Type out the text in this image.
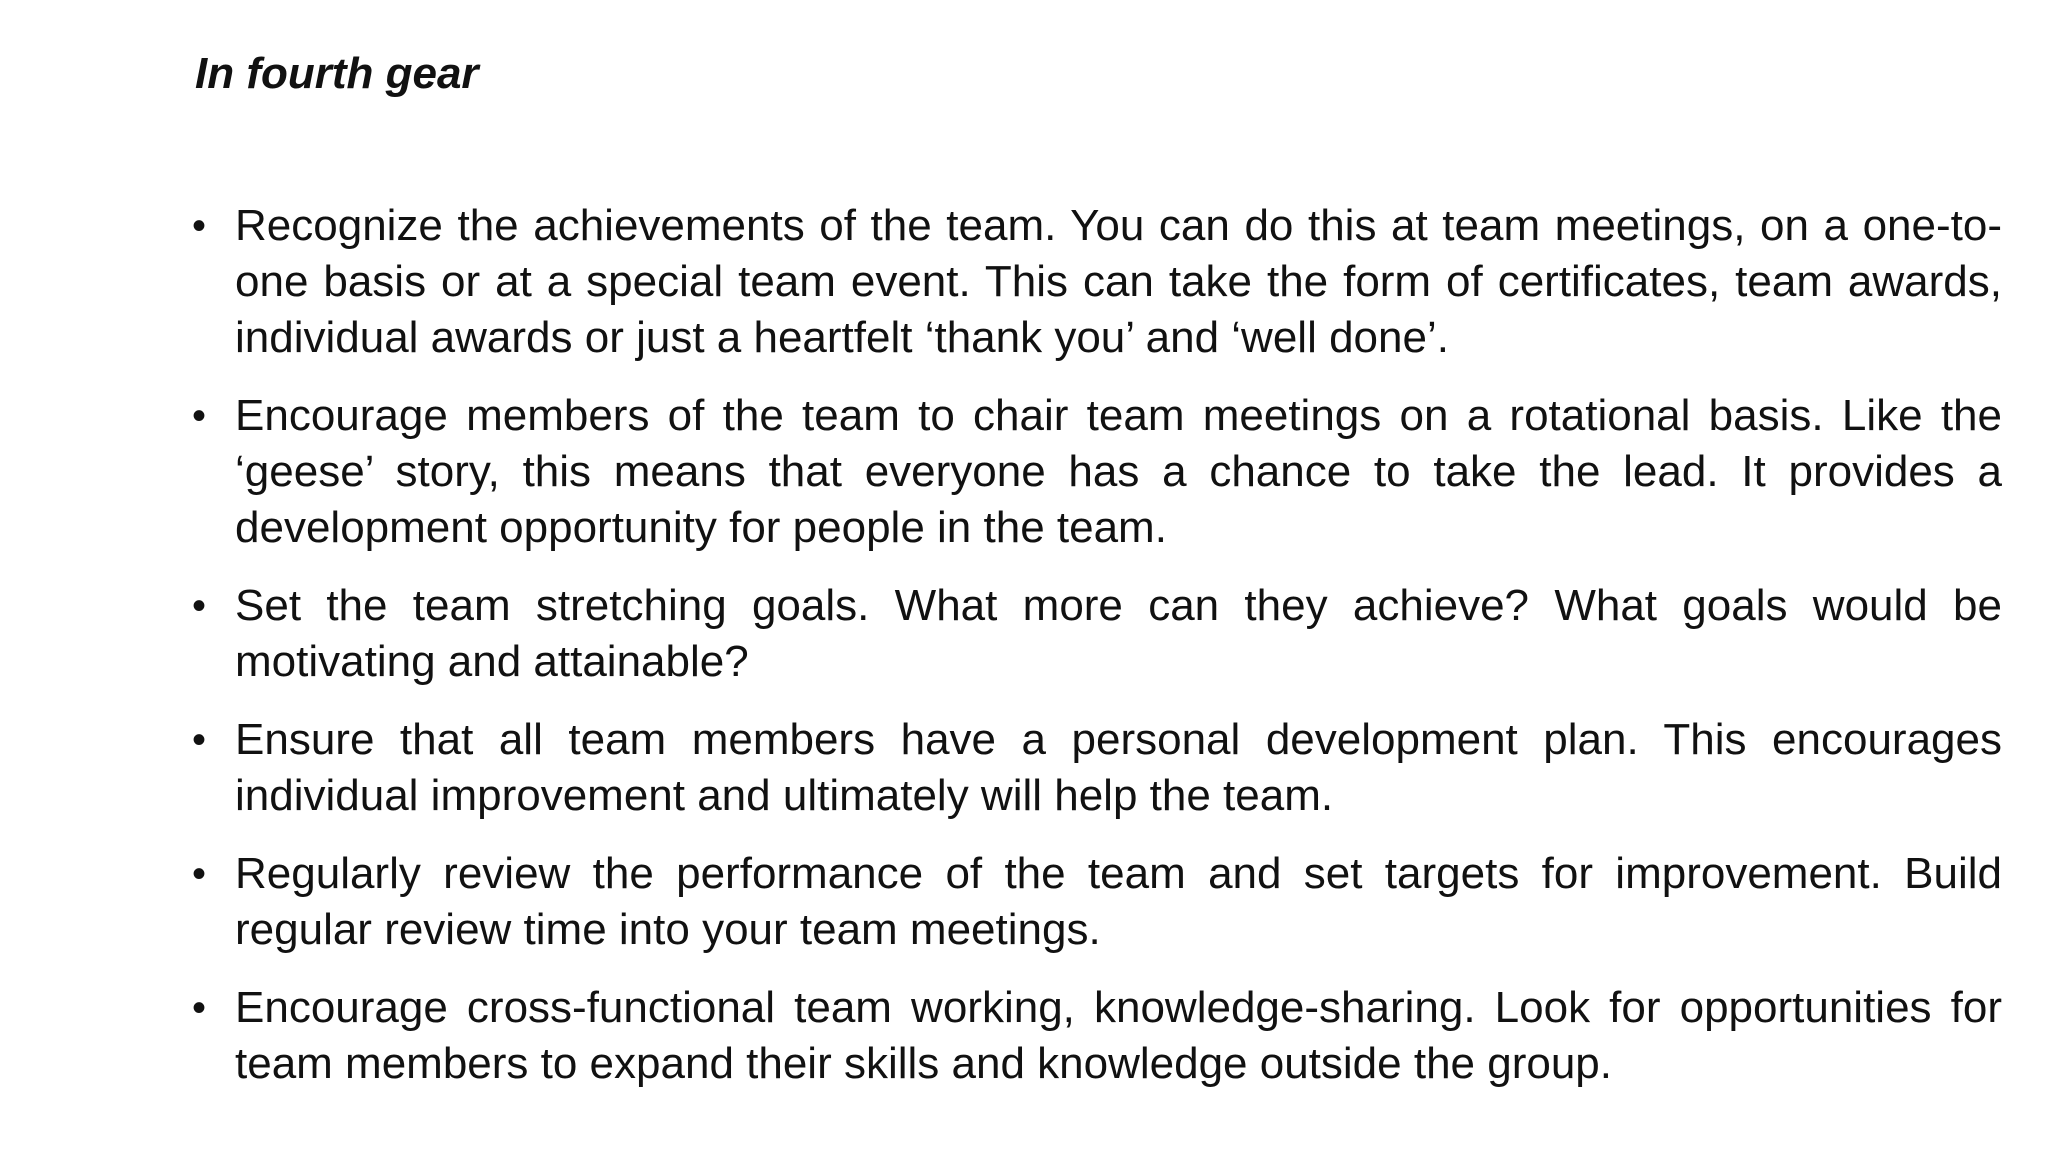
In fourth gear
• Recognize the achievements of the team. You can do this at team meetings, on a one-to-one basis or at a special team event. This can take the form of certificates, team awards, individual awards or just a heartfelt ‘thank you’ and ‘well done’.
• Encourage members of the team to chair team meetings on a rotational basis. Like the ‘geese’ story, this means that everyone has a chance to take the lead. It provides a development opportunity for people in the team.
• Set the team stretching goals. What more can they achieve? What goals would be motivating and attainable?
• Ensure that all team members have a personal development plan. This encourages individual improvement and ultimately will help the team.
• Regularly review the performance of the team and set targets for improvement. Build regular review time into your team meetings.
• Encourage cross-functional team working, knowledge-sharing. Look for opportunities for team members to expand their skills and knowledge outside the group.
